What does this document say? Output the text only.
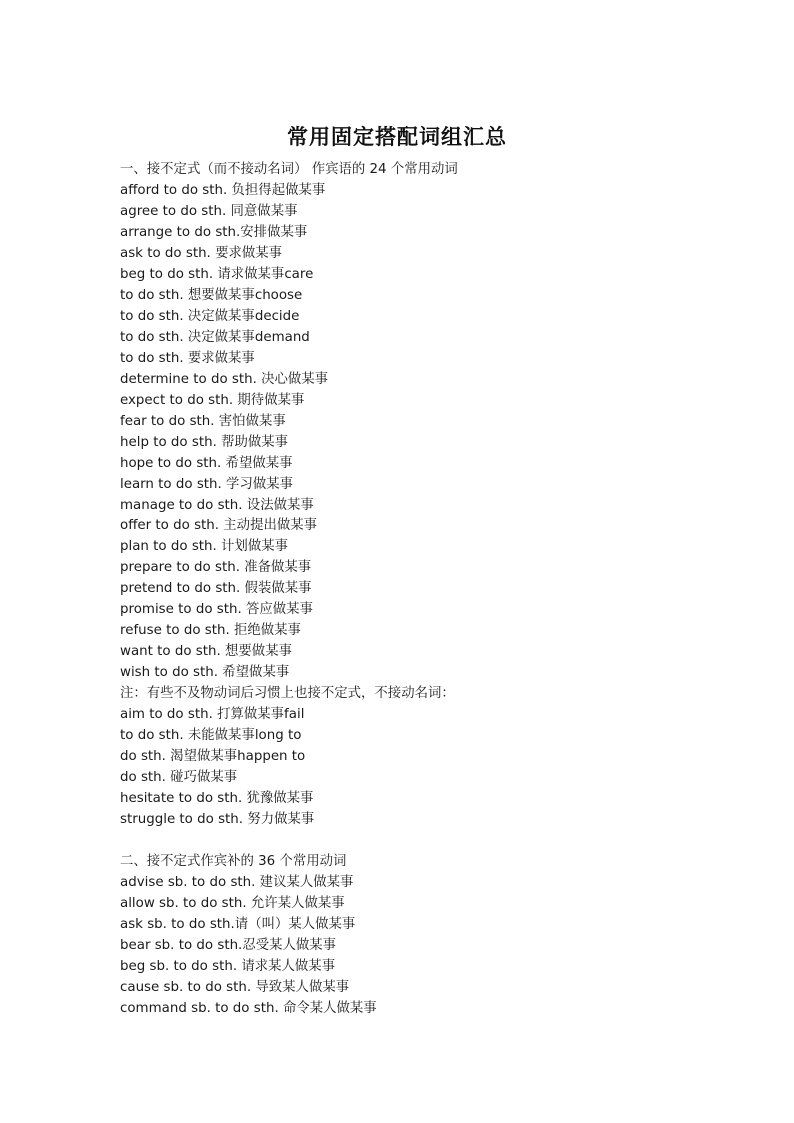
常用固定搭配词组汇总
一、接不定式（而不接动名词） 作宾语的 24 个常用动词
afford to do sth. 负担得起做某事
agree to do sth. 同意做某事
arrange to do sth.安排做某事
ask to do sth. 要求做某事
beg to do sth. 请求做某事care
to do sth. 想要做某事choose
to do sth. 决定做某事decide
to do sth. 决定做某事demand
to do sth. 要求做某事
determine to do sth. 决心做某事
expect to do sth. 期待做某事
fear to do sth. 害怕做某事
help to do sth. 帮助做某事
hope to do sth. 希望做某事
learn to do sth. 学习做某事
manage to do sth. 设法做某事
offer to do sth. 主动提出做某事
plan to do sth. 计划做某事
prepare to do sth. 准备做某事
pretend to do sth. 假装做某事
promise to do sth. 答应做某事
refuse to do sth. 拒绝做某事
want to do sth. 想要做某事
wish to do sth. 希望做某事
注：有些不及物动词后习惯上也接不定式，不接动名词：
aim to do sth. 打算做某事fail
to do sth. 未能做某事long to
do sth. 渴望做某事happen to
do sth. 碰巧做某事
hesitate to do sth. 犹豫做某事
struggle to do sth. 努力做某事
二、接不定式作宾补的 36 个常用动词
advise sb. to do sth. 建议某人做某事
allow sb. to do sth. 允许某人做某事
ask sb. to do sth.请（叫）某人做某事
bear sb. to do sth.忍受某人做某事
beg sb. to do sth. 请求某人做某事
cause sb. to do sth. 导致某人做某事
command sb. to do sth. 命令某人做某事
